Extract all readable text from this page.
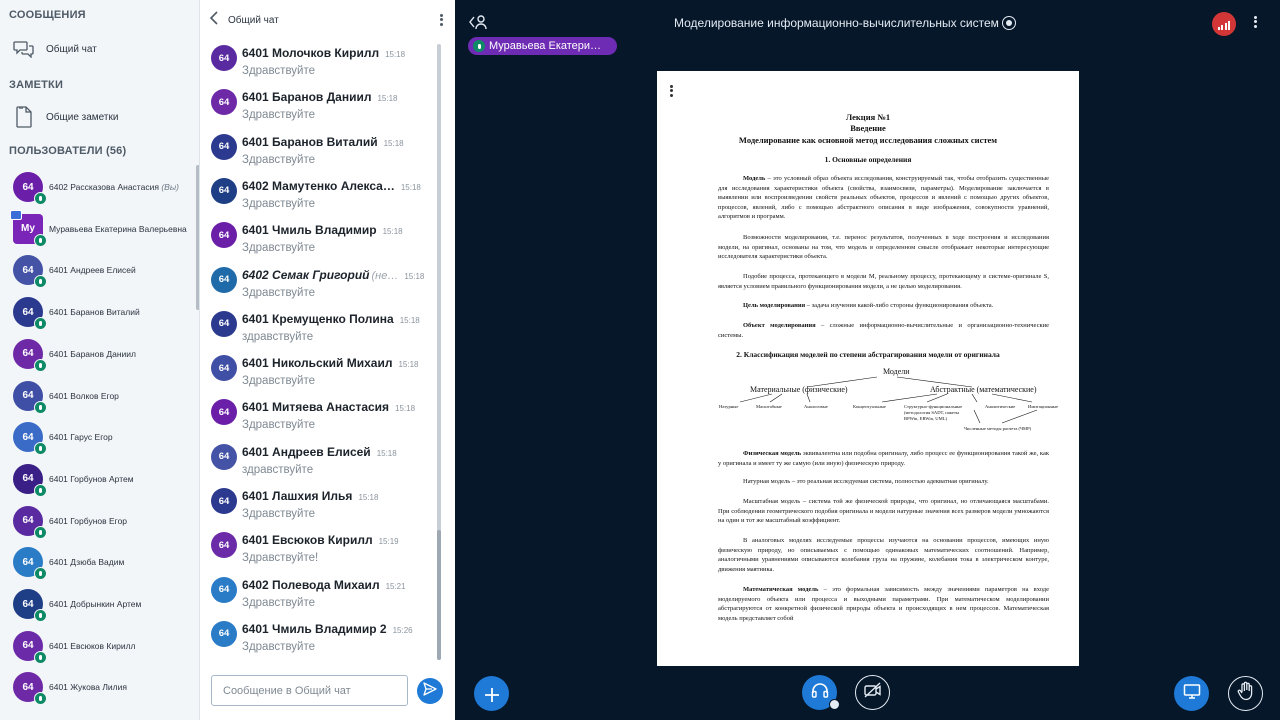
СООБЩЕНИЯ
Общий чат
ЗАМЕТКИ
Общие заметки
ПОЛЬЗОВАТЕЛИ (56)
64	6402 Рассказова Анастасия (Вы)
Му	Муравьева Екатерина Валерьевна
64	6401 Андреев Елисей
64	6401 Баранов Виталий
64	6401 Баранов Даниил
64	6401 Волков Егор
64	6401 Гарус Егор
64	6401 Горбунов Артем
64	6401 Горбунов Егор
64	6401 Дзюба Вадим
64	6401 Добрынкин Артем
64	6401 Евсюков Кирилл
64	6401 Жукова Лилия
Общий чат
64	6401 Молочков Кирилл 15:18
Здравствуйте
64	6401 Баранов Даниил 15:18
Здравствуйте
64	6401 Баранов Виталий 15:18
Здравствуйте
64	6402 Мамутенко Алекса… 15:18
Здравствуйте
64	6401 Чмиль Владимир 15:18
Здравствуйте
64	6402 Семак Григорий (не… 15:18
Здравствуйте
64	6401 Кремущенко Полина 15:18
здравствуйте
64	6401 Никольский Михаил 15:18
Здравствуйте
64	6401 Митяева Анастасия 15:18
Здравствуйте
64	6401 Андреев Елисей 15:18
здравствуйте
64	6401 Лашхия Илья 15:18
Здравствуйте
64	6401 Евсюков Кирилл 15:19
Здравствуйте!
64	6402 Полевода Михаил 15:21
Здравствуйте
64	6401 Чмиль Владимир 2 15:26
Здравствуйте
Сообщение в Общий чат
Моделирование информационно-вычислительных систем
Муравьева Екатери…
Лекция №1
Введение
Моделирование как основной метод исследования сложных систем
1. Основные определения
Модель – это условный образ объекта исследования, конструируемый так, чтобы отобразить существенные для исследования характеристики объекта (свойства, взаимосвязи, параметры). Моделирование заключается в выявлении или воспроизведении свойств реальных объектов, процессов и явлений с помощью других объектов, процессов, явлений, либо с помощью абстрактного описания в виде изображения, совокупности уравнений, алгоритмов и программ.
Возможности моделирования, т.е. перенос результатов, полученных в ходе построения и исследования модели, на оригинал, основаны на том, что модель в определенном смысле отображает некоторые интересующие исследователя характеристики объекта.
Подобие процесса, протекающего в модели M, реальному процессу, протекающему в системе-оригинале S, является условием правильного функционирования модели, а не целью моделирования.
Цель моделирования – задача изучения какой-либо стороны функционирования объекта.
Объект моделирования – сложные информационно-вычислительные и организационно-технические системы.
2. Классификация моделей по степени абстрагирования модели от оригинала
Модели
Материальные (физические)	Абстрактные (математические)
Натурные	Масштабные	Аналоговые	Концептуальные	Структурно-функциональные
(методология SADT, пакеты
BPWin, ERWin, UML)
Аналитические	Имитационные
Численные методы расчета (ЧМР)
Физическая модель эквивалентна или подобна оригиналу, либо процесс ее функционирования такой же, как у оригинала и имеет ту же самую (или иную) физическую природу.
Натурная модель – это реальная исследуемая система, полностью адекватная оригиналу.
Масштабная модель – система той же физической природы, что оригинал, но отличающаяся масштабами. При соблюдении геометрического подобия оригинала и модели натурные значения всех размеров модели умножаются на один и тот же масштабный коэффициент.
В аналоговых моделях исследуемые процессы изучаются на основании процессов, имеющих иную физическую природу, но описываемых с помощью одинаковых математических соотношений. Например, аналогичными уравнениями описываются колебания груза на пружине, колебания тока в электрическом контуре, движения маятника.
Математическая модель – это формальная зависимость между значениями параметров на входе моделируемого объекта или процесса и выходными параметрами. При математическом моделировании абстрагируются от конкретной физической природы объекта и происходящих в нем процессов. Математическая модель представляет собой
